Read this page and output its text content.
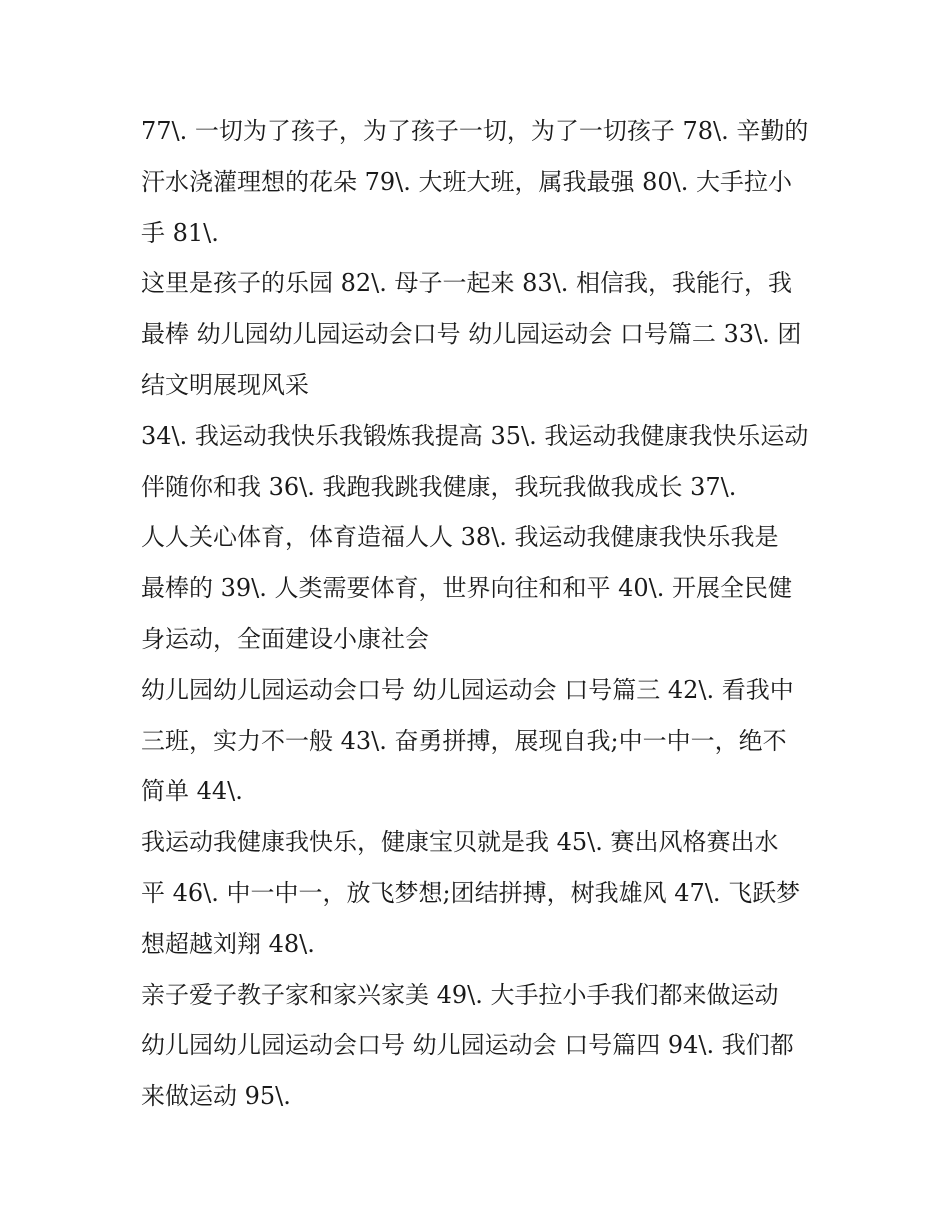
77\. 一切为了孩子，为了孩子一切，为了一切孩子 78\. 辛勤的
汗水浇灌理想的花朵 79\. 大班大班，属我最强 80\. 大手拉小
手 81\.
这里是孩子的乐园 82\. 母子一起来 83\. 相信我，我能行，我
最棒 幼儿园幼儿园运动会口号 幼儿园运动会 口号篇二 33\. 团
结文明展现风采
34\. 我运动我快乐我锻炼我提高 35\. 我运动我健康我快乐运动
伴随你和我 36\. 我跑我跳我健康，我玩我做我成长 37\.
人人关心体育，体育造福人人 38\. 我运动我健康我快乐我是
最棒的 39\. 人类需要体育，世界向往和和平 40\. 开展全民健
身运动，全面建设小康社会
幼儿园幼儿园运动会口号 幼儿园运动会 口号篇三 42\. 看我中
三班，实力不一般 43\. 奋勇拼搏，展现自我;中一中一，绝不
简单 44\.
我运动我健康我快乐，健康宝贝就是我 45\. 赛出风格赛出水
平 46\. 中一中一，放飞梦想;团结拼搏，树我雄风 47\. 飞跃梦
想超越刘翔 48\.
亲子爱子教子家和家兴家美 49\. 大手拉小手我们都来做运动
幼儿园幼儿园运动会口号 幼儿园运动会 口号篇四 94\. 我们都
来做运动 95\.
